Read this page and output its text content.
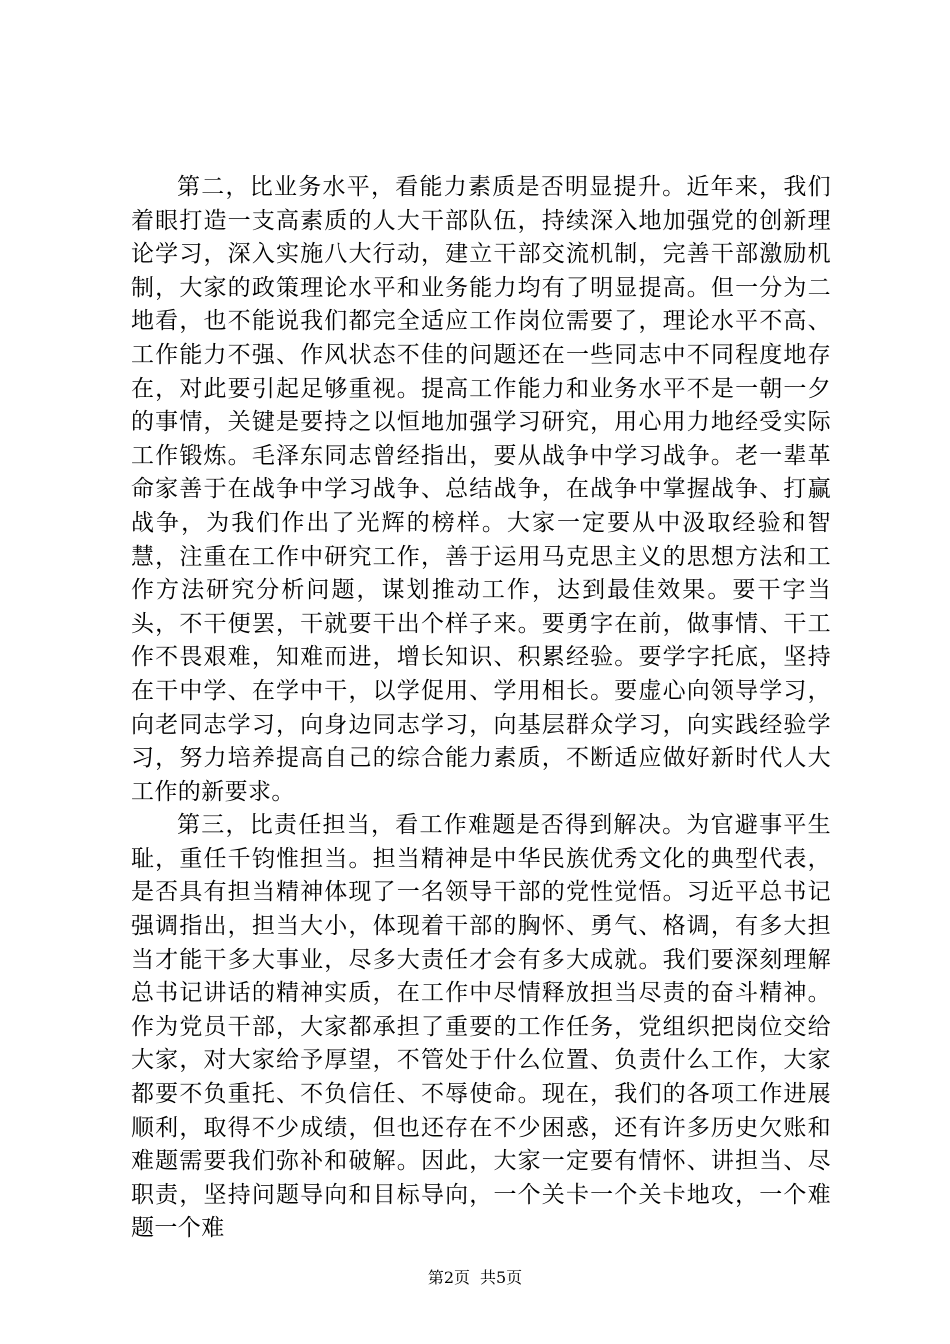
第二，比业务水平，看能力素质是否明显提升。近年来，我们着眼打造一支高素质的人大干部队伍，持续深入地加强党的创新理论学习，深入实施八大行动，建立干部交流机制，完善干部激励机制，大家的政策理论水平和业务能力均有了明显提高。但一分为二地看，也不能说我们都完全适应工作岗位需要了，理论水平不高、工作能力不强、作风状态不佳的问题还在一些同志中不同程度地存在，对此要引起足够重视。提高工作能力和业务水平不是一朝一夕的事情，关键是要持之以恒地加强学习研究，用心用力地经受实际工作锻炼。毛泽东同志曾经指出，要从战争中学习战争。老一辈革命家善于在战争中学习战争、总结战争，在战争中掌握战争、打赢战争，为我们作出了光辉的榜样。大家一定要从中汲取经验和智慧，注重在工作中研究工作，善于运用马克思主义的思想方法和工作方法研究分析问题，谋划推动工作，达到最佳效果。要干字当头，不干便罢，干就要干出个样子来。要勇字在前，做事情、干工作不畏艰难，知难而进，增长知识、积累经验。要学字托底，坚持在干中学、在学中干，以学促用、学用相长。要虚心向领导学习，向老同志学习，向身边同志学习，向基层群众学习，向实践经验学习，努力培养提高自己的综合能力素质，不断适应做好新时代人大工作的新要求。

第三，比责任担当，看工作难题是否得到解决。为官避事平生耻，重任千钧惟担当。担当精神是中华民族优秀文化的典型代表，是否具有担当精神体现了一名领导干部的党性觉悟。习近平总书记强调指出，担当大小，体现着干部的胸怀、勇气、格调，有多大担当才能干多大事业，尽多大责任才会有多大成就。我们要深刻理解总书记讲话的精神实质，在工作中尽情释放担当尽责的奋斗精神。作为党员干部，大家都承担了重要的工作任务，党组织把岗位交给大家，对大家给予厚望，不管处于什么位置、负责什么工作，大家都要不负重托、不负信任、不辱使命。现在，我们的各项工作进展顺利，取得不少成绩，但也还存在不少困惑，还有许多历史欠账和难题需要我们弥补和破解。因此，大家一定要有情怀、讲担当、尽职责，坚持问题导向和目标导向，一个关卡一个关卡地攻，一个难题一个难

第2页 共5页
